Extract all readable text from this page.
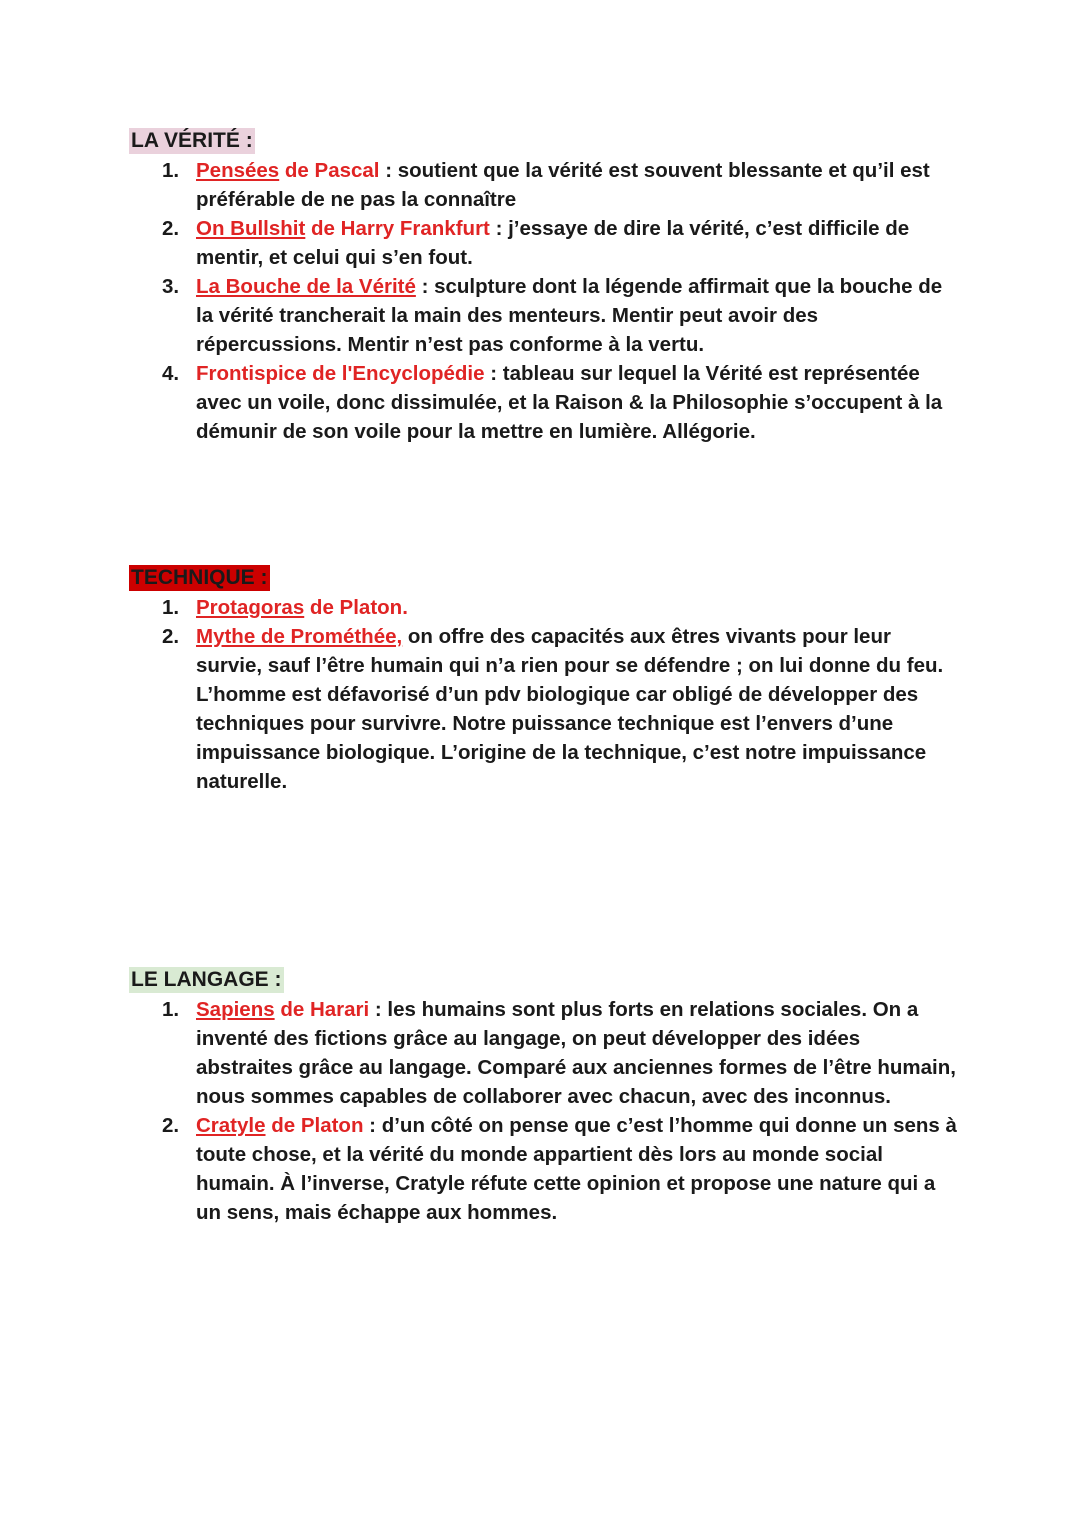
LA VÉRITÉ :
1. Pensées de Pascal : soutient que la vérité est souvent blessante et qu’il est préférable de ne pas la connaître
2. On Bullshit de Harry Frankfurt : j’essaye de dire la vérité, c’est difficile de mentir, et celui qui s’en fout.
3. La Bouche de la Vérité : sculpture dont la légende affirmait que la bouche de la vérité trancherait la main des menteurs. Mentir peut avoir des répercussions. Mentir n’est pas conforme à la vertu.
4. Frontispice de l'Encyclopédie : tableau sur lequel la Vérité est représentée avec un voile, donc dissimulée, et la Raison & la Philosophie s’occupent à la démunir de son voile pour la mettre en lumière. Allégorie.
TECHNIQUE :
1. Protagoras de Platon.
2. Mythe de Prométhée, on offre des capacités aux êtres vivants pour leur survie, sauf l’être humain qui n’a rien pour se défendre ; on lui donne du feu. L’homme est défavorisé d’un pdv biologique car obligé de développer des techniques pour survivre. Notre puissance technique est l’envers d’une impuissance biologique. L’origine de la technique, c’est notre impuissance naturelle.
LE LANGAGE :
1. Sapiens de Harari : les humains sont plus forts en relations sociales. On a inventé des fictions grâce au langage, on peut développer des idées abstraites grâce au langage. Comparé aux anciennes formes de l’être humain, nous sommes capables de collaborer avec chacun, avec des inconnus.
2. Cratyle de Platon : d’un côté on pense que c’est l’homme qui donne un sens à toute chose, et la vérité du monde appartient dès lors au monde social humain. À l’inverse, Cratyle réfute cette opinion et propose une nature qui a un sens, mais échappe aux hommes.
